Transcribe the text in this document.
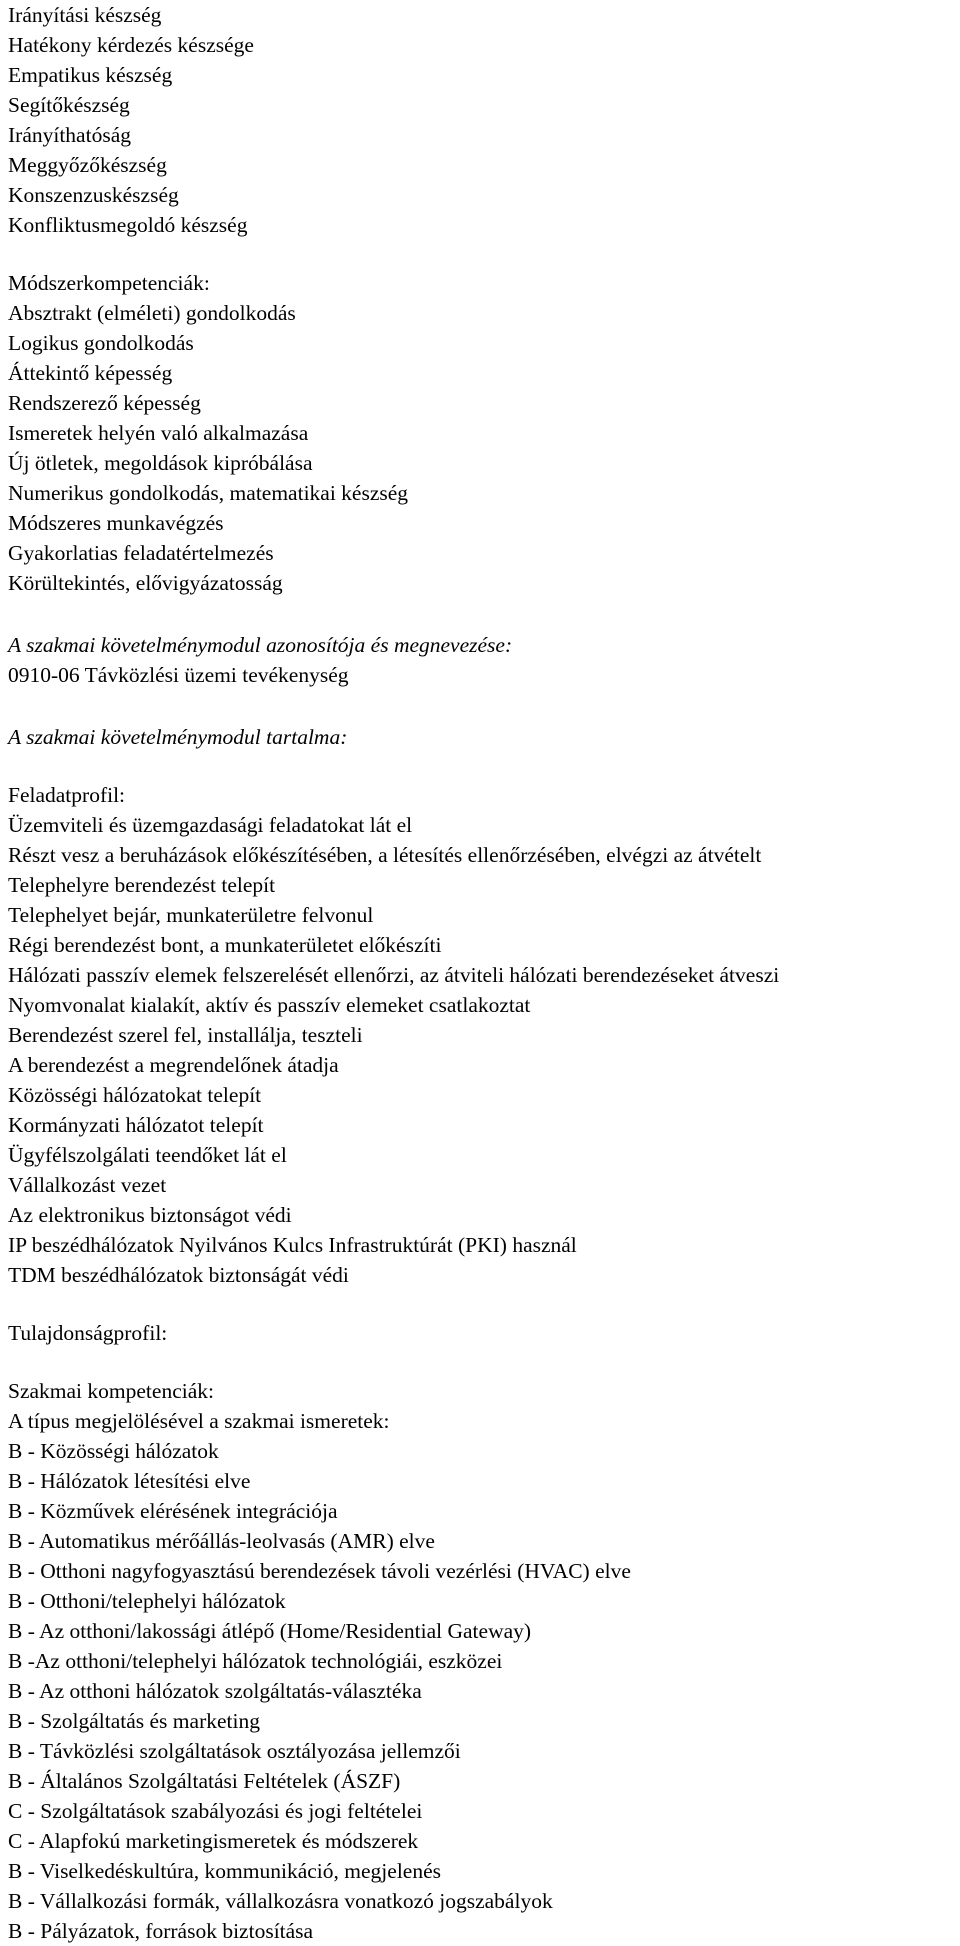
Irányítási készség
Hatékony kérdezés készsége
Empatikus készség
Segítőkészség
Irányíthatóság
Meggyőzőkészség
Konszenzuskészség
Konfliktusmegoldó készség
Módszerkompetenciák:
Absztrakt (elméleti) gondolkodás
Logikus gondolkodás
Áttekintő képesség
Rendszerező képesség
Ismeretek helyén való alkalmazása
Új ötletek, megoldások kipróbálása
Numerikus gondolkodás, matematikai készség
Módszeres munkavégzés
Gyakorlatias feladatértelmezés
Körültekintés, elővigyázatosság
A szakmai követelménymodul azonosítója és megnevezése:
0910-06 Távközlési üzemi tevékenység
A szakmai követelménymodul tartalma:
Feladatprofil:
Üzemviteli és üzemgazdasági feladatokat lát el
Részt vesz a beruházások előkészítésében, a létesítés ellenőrzésében, elvégzi az átvételt
Telephelyre berendezést telepít
Telephelyet bejár, munkaterületre felvonul
Régi berendezést bont, a munkaterületet előkészíti
Hálózati passzív elemek felszerelését ellenőrzi, az átviteli hálózati berendezéseket átveszi
Nyomvonalat kialakít, aktív és passzív elemeket csatlakoztat
Berendezést szerel fel, installálja, teszteli
A berendezést a megrendelőnek átadja
Közösségi hálózatokat telepít
Kormányzati hálózatot telepít
Ügyfélszolgálati teendőket lát el
Vállalkozást vezet
Az elektronikus biztonságot védi
IP beszédhálózatok Nyilvános Kulcs Infrastruktúrát (PKI) használ
TDM beszédhálózatok biztonságát védi
Tulajdonságprofil:
Szakmai kompetenciák:
A típus megjelölésével a szakmai ismeretek:
B - Közösségi hálózatok
B - Hálózatok létesítési elve
B - Közművek elérésének integrációja
B - Automatikus mérőállás-leolvasás (AMR) elve
B - Otthoni nagyfogyasztású berendezések távoli vezérlési (HVAC) elve
B - Otthoni/telephelyi hálózatok
B - Az otthoni/lakossági átlépő (Home/Residential Gateway)
B -Az otthoni/telephelyi hálózatok technológiái, eszközei
B - Az otthoni hálózatok szolgáltatás-választéka
B - Szolgáltatás és marketing
B - Távközlési szolgáltatások osztályozása jellemzői
B - Általános Szolgáltatási Feltételek (ÁSZF)
C - Szolgáltatások szabályozási és jogi feltételei
C - Alapfokú marketingismeretek és módszerek
B - Viselkedéskultúra, kommunikáció, megjelenés
B - Vállalkozási formák, vállalkozásra vonatkozó jogszabályok
B - Pályázatok, források biztosítása
